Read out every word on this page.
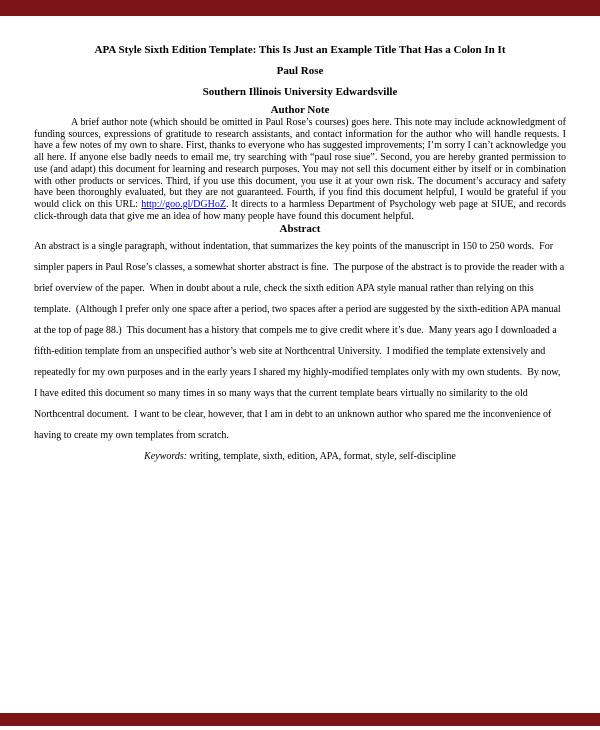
APA Style Sixth Edition Template: This Is Just an Example Title That Has a Colon In It

Paul Rose

Southern Illinois University Edwardsville

Author Note

A brief author note (which should be omitted in Paul Rose’s courses) goes here. This note may include acknowledgment of funding sources, expressions of gratitude to research assistants, and contact information for the author who will handle requests. I have a few notes of my own to share. First, thanks to everyone who has suggested improvements; I’m sorry I can’t acknowledge you all here. If anyone else badly needs to email me, try searching with “paul rose siue”. Second, you are hereby granted permission to use (and adapt) this document for learning and research purposes. You may not sell this document either by itself or in combination with other products or services. Third, if you use this document, you use it at your own risk. The document’s accuracy and safety have been thoroughly evaluated, but they are not guaranteed. Fourth, if you find this document helpful, I would be grateful if you would click on this URL: http://goo.gl/DGHoZ. It directs to a harmless Department of Psychology web page at SIUE, and records click-through data that give me an idea of how many people have found this document helpful.

Abstract

An abstract is a single paragraph, without indentation, that summarizes the key points of the manuscript in 150 to 250 words.  For simpler papers in Paul Rose’s classes, a somewhat shorter abstract is fine.  The purpose of the abstract is to provide the reader with a brief overview of the paper.  When in doubt about a rule, check the sixth edition APA style manual rather than relying on this template.  (Although I prefer only one space after a period, two spaces after a period are suggested by the sixth-edition APA manual at the top of page 88.)  This document has a history that compels me to give credit where it’s due.  Many years ago I downloaded a fifth-edition template from an unspecified author’s web site at Northcentral University.  I modified the template extensively and repeatedly for my own purposes and in the early years I shared my highly-modified templates only with my own students.  By now, I have edited this document so many times in so many ways that the current template bears virtually no similarity to the old Northcentral document.  I want to be clear, however, that I am in debt to an unknown author who spared me the inconvenience of having to create my own templates from scratch.

Keywords: writing, template, sixth, edition, APA, format, style, self-discipline
